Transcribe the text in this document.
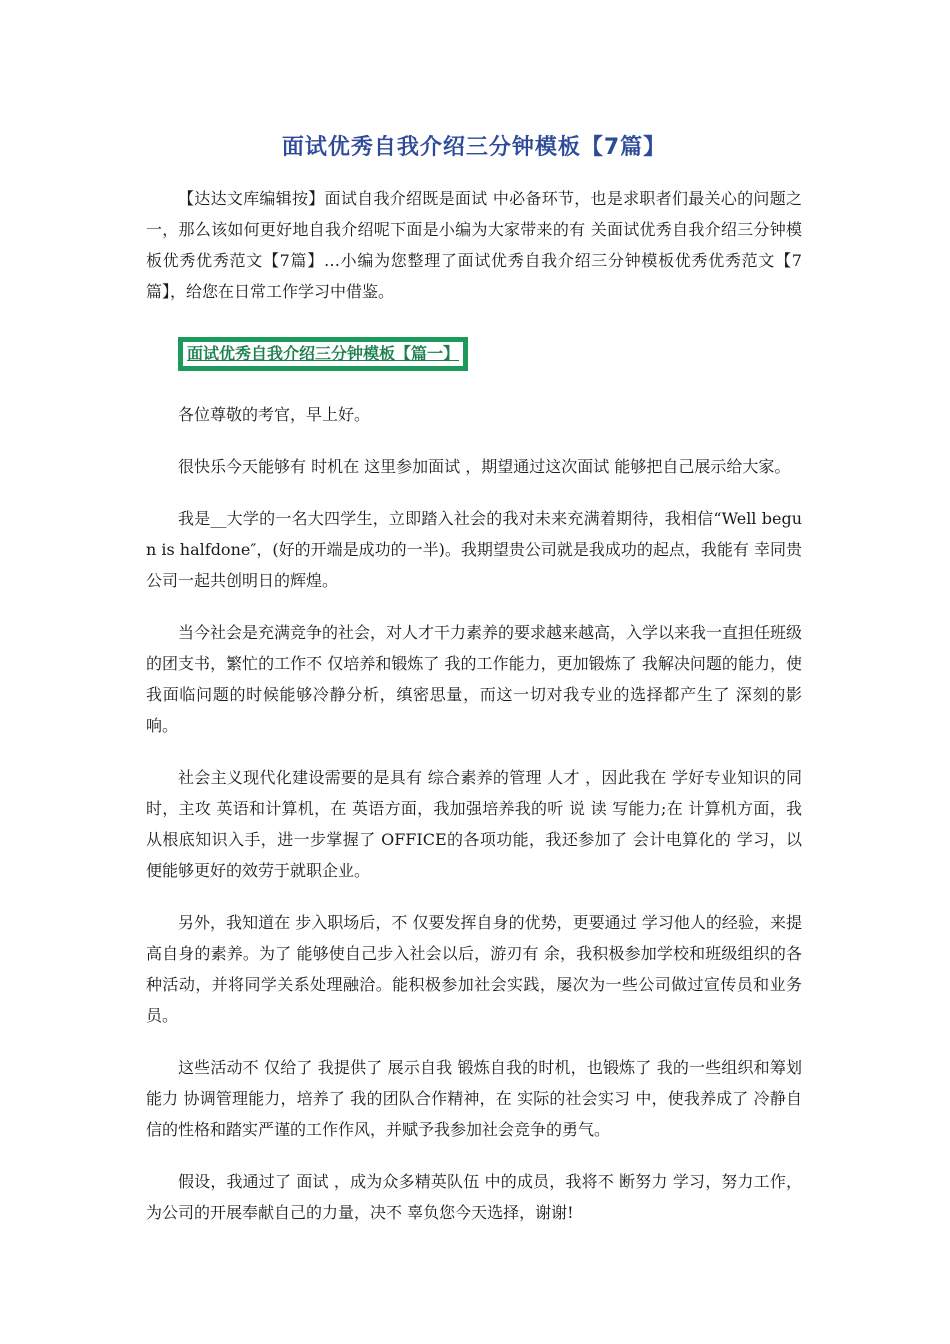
面试优秀自我介绍三分钟模板【7篇】

【达达文库编辑按】面试自我介绍既是面试 中必备环节，也是求职者们最关心的问题之一，那么该如何更好地自我介绍呢下面是小编为大家带来的有 关面试优秀自我介绍三分钟模板优秀优秀范文【7篇】…小编为您整理了面试优秀自我介绍三分钟模板优秀优秀范文【7篇】，给您在日常工作学习中借鉴。

面试优秀自我介绍三分钟模板【篇一】

各位尊敬的考官，早上好。

很快乐今天能够有 时机在 这里参加面试 ，期望通过这次面试 能够把自己展示给大家。

我是__大学的一名大四学生，立即踏入社会的我对未来充满着期待，我相信“Well begun is halfdone″，(好的开端是成功的一半)。我期望贵公司就是我成功的起点，我能有 幸同贵公司一起共创明日的辉煌。

当今社会是充满竞争的社会，对人才干力素养的要求越来越高，入学以来我一直担任班级的团支书，繁忙的工作不 仅培养和锻炼了 我的工作能力，更加锻炼了 我解决问题的能力，使我面临问题的时候能够冷静分析，缜密思量，而这一切对我专业的选择都产生了 深刻的影响。

社会主义现代化建设需要的是具有 综合素养的管理 人才 ，因此我在 学好专业知识的同时，主攻 英语和计算机，在 英语方面，我加强培养我的听 说 读 写能力;在 计算机方面，我从根底知识入手，进一步掌握了 OFFICE的各项功能，我还参加了 会计电算化的 学习，以便能够更好的效劳于就职企业。

另外，我知道在 步入职场后，不 仅要发挥自身的优势，更要通过 学习他人的经验，来提高自身的素养。为了 能够使自己步入社会以后，游刃有 余，我积极参加学校和班级组织的各种活动，并将同学关系处理融洽。能积极参加社会实践，屡次为一些公司做过宣传员和业务员。

这些活动不 仅给了 我提供了 展示自我 锻炼自我的时机，也锻炼了 我的一些组织和筹划能力 协调管理能力，培养了 我的团队合作精神，在 实际的社会实习 中，使我养成了 冷静自信的性格和踏实严谨的工作作风，并赋予我参加社会竞争的勇气。

假设，我通过了 面试 ，成为众多精英队伍 中的成员，我将不 断努力 学习，努力工作，为公司的开展奉献自己的力量，决不 辜负您今天选择，谢谢!
